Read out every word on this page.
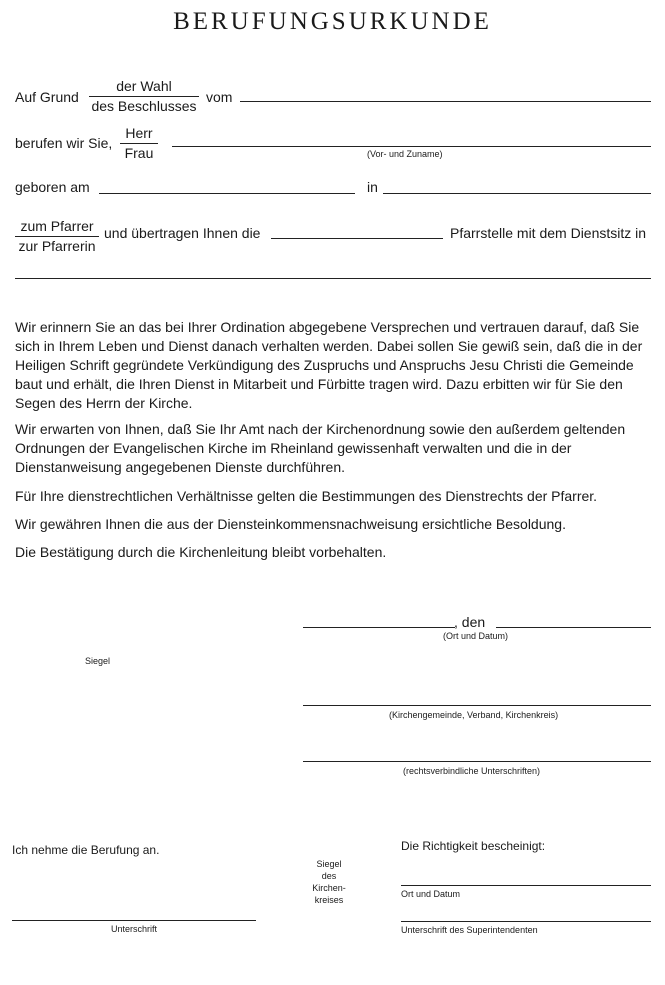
BERUFUNGSURKUNDE
Auf Grund
der Wahl
des Beschlusses
vom
berufen wir Sie,
Herr
Frau	(Vor- und Zuname)
geboren am	in
zum Pfarrer
zur Pfarrerin
und übertragen Ihnen die	Pfarrstelle mit dem Dienstsitz in

Wir erinnern Sie an das bei Ihrer Ordination abgegebene Versprechen und vertrauen darauf, daß Sie sich in Ihrem Leben und Dienst danach verhalten werden. Dabei sollen Sie gewiß sein, daß die in der Heiligen Schrift gegründete Verkündigung des Zuspruchs und Anspruchs Jesu Christi die Gemeinde baut und erhält, die Ihren Dienst in Mitarbeit und Fürbitte tragen wird. Dazu erbitten wir für Sie den Segen des Herrn der Kirche.

Wir erwarten von Ihnen, daß Sie Ihr Amt nach der Kirchenordnung sowie den außerdem geltenden Ordnungen der Evangelischen Kirche im Rheinland gewissenhaft verwalten und die in der Dienstanweisung angegebenen Dienste durchführen.

Für Ihre dienstrechtlichen Verhältnisse gelten die Bestimmungen des Dienstrechts der Pfarrer.

Wir gewähren Ihnen die aus der Diensteinkommensnachweisung ersichtliche Besoldung.

Die Bestätigung durch die Kirchenleitung bleibt vorbehalten.

, den
(Ort und Datum)
Siegel
(Kirchengemeinde, Verband, Kirchenkreis)
(rechtsverbindliche Unterschriften)
Ich nehme die Berufung an.
Unterschrift
Siegel
des
Kirchen-
kreises
Die Richtigkeit bescheinigt:
Ort und Datum
Unterschrift des Superintendenten
